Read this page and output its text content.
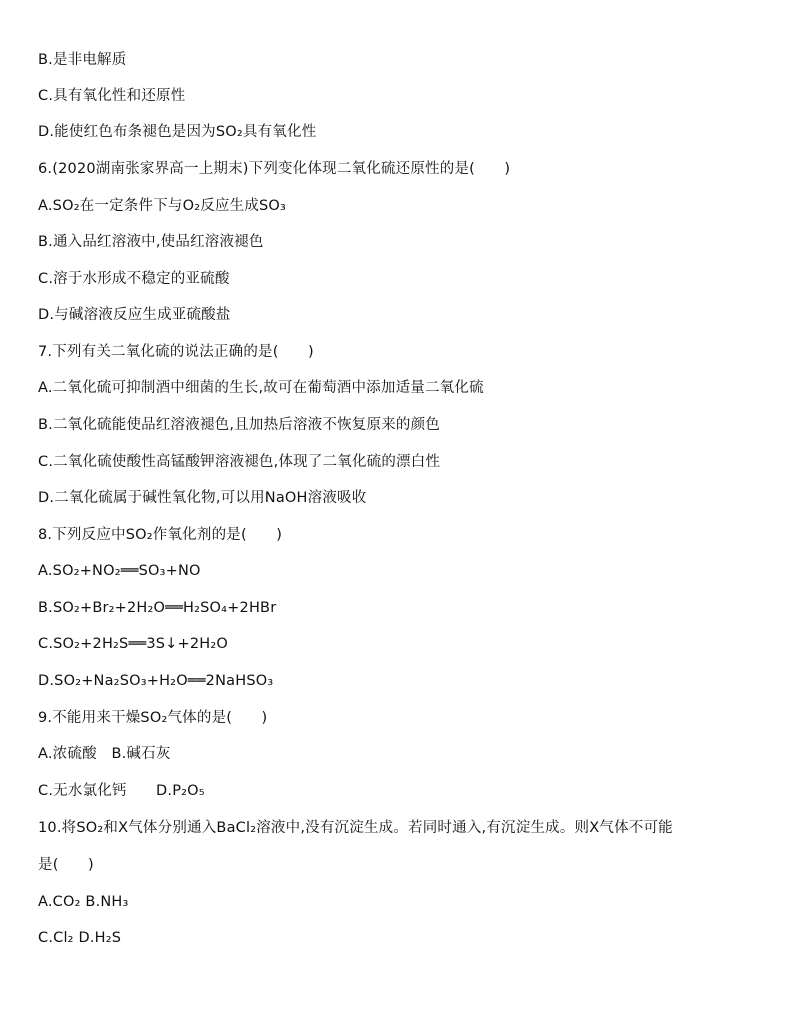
B.是非电解质
C.具有氧化性和还原性
D.能使红色布条褪色是因为SO₂具有氧化性
6.(2020湖南张家界高一上期末)下列变化体现二氧化硫还原性的是(　　)
A.SO₂在一定条件下与O₂反应生成SO₃
B.通入品红溶液中,使品红溶液褪色
C.溶于水形成不稳定的亚硫酸
D.与碱溶液反应生成亚硫酸盐
7.下列有关二氧化硫的说法正确的是(　　)
A.二氧化硫可抑制酒中细菌的生长,故可在葡萄酒中添加适量二氧化硫
B.二氧化硫能使品红溶液褪色,且加热后溶液不恢复原来的颜色
C.二氧化硫使酸性高锰酸钾溶液褪色,体现了二氧化硫的漂白性
D.二氧化硫属于碱性氧化物,可以用NaOH溶液吸收
8.下列反应中SO₂作氧化剂的是(　　)
A.SO₂+NO₂══SO₃+NO
B.SO₂+Br₂+2H₂O══H₂SO₄+2HBr
C.SO₂+2H₂S══3S↓+2H₂O
D.SO₂+Na₂SO₃+H₂O══2NaHSO₃
9.不能用来干燥SO₂气体的是(　　)
A.浓硫酸　B.碱石灰
C.无水氯化钙　　D.P₂O₅
10.将SO₂和X气体分别通入BaCl₂溶液中,没有沉淀生成。若同时通入,有沉淀生成。则X气体不可能
是(　　)
A.CO₂ B.NH₃
C.Cl₂ D.H₂S
